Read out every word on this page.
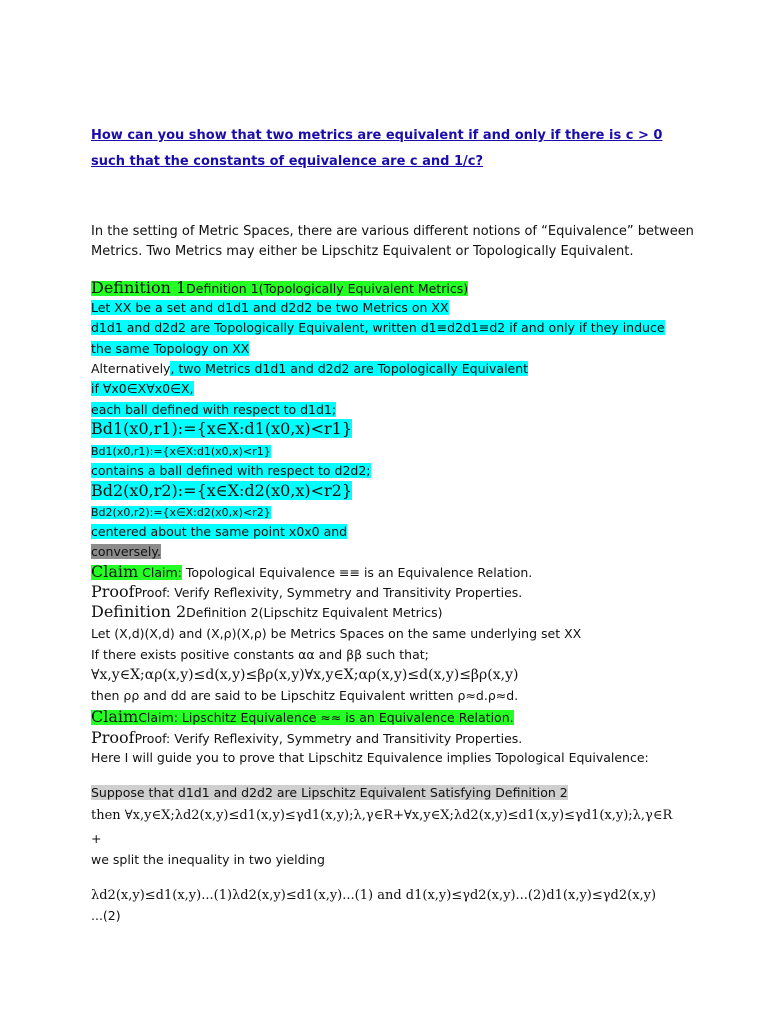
How can you show that two metrics are equivalent if and only if there is c > 0
such that the constants of equivalence are c and 1/c?
In the setting of Metric Spaces, there are various different notions of “Equivalence” between
Metrics. Two Metrics may either be Lipschitz Equivalent or Topologically Equivalent.
Definition 1Definition 1(Topologically Equivalent Metrics)
Let XX be a set and d1d1 and d2d2 be two Metrics on XX
d1d1 and d2d2 are Topologically Equivalent, written d1≡d2d1≡d2 if and only if they induce
the same Topology on XX
Alternatively, two Metrics d1d1 and d2d2 are Topologically Equivalent
if ∀x0∈X∀x0∈X,
each ball defined with respect to d1d1;
Bd1(x0,r1):={x∈X:d1(x0,x)<r1}
Bd1(x0,r1):={x∈X:d1(x0,x)<r1}
contains a ball defined with respect to d2d2;
Bd2(x0,r2):={x∈X:d2(x0,x)<r2}
Bd2(x0,r2):={x∈X:d2(x0,x)<r2}
centered about the same point x0x0 and
conversely.
Claim Claim: Topological Equivalence ≡≡ is an Equivalence Relation.
ProofProof: Verify Reflexivity, Symmetry and Transitivity Properties.
Definition 2Definition 2(Lipschitz Equivalent Metrics)
Let (X,d)(X,d) and (X,ρ)(X,ρ) be Metrics Spaces on the same underlying set XX
If there exists positive constants αα and ββ such that;
∀x,y∈X;αρ(x,y)≤d(x,y)≤βρ(x,y)∀x,y∈X;αρ(x,y)≤d(x,y)≤βρ(x,y)
then ρρ and dd are said to be Lipschitz Equivalent written ρ≈d.ρ≈d.
ClaimClaim: Lipschitz Equivalence ≈≈ is an Equivalence Relation.
ProofProof: Verify Reflexivity, Symmetry and Transitivity Properties.
Here I will guide you to prove that Lipschitz Equivalence implies Topological Equivalence:
Suppose that d1d1 and d2d2 are Lipschitz Equivalent Satisfying Definition 2
then ∀x,y∈X;λd2(x,y)≤d1(x,y)≤γd1(x,y);λ,γ∈R+∀x,y∈X;λd2(x,y)≤d1(x,y)≤γd1(x,y);λ,γ∈R
+
we split the inequality in two yielding
λd2(x,y)≤d1(x,y)...(1)λd2(x,y)≤d1(x,y)...(1) and d1(x,y)≤γd2(x,y)...(2)d1(x,y)≤γd2(x,y)
...(2)
